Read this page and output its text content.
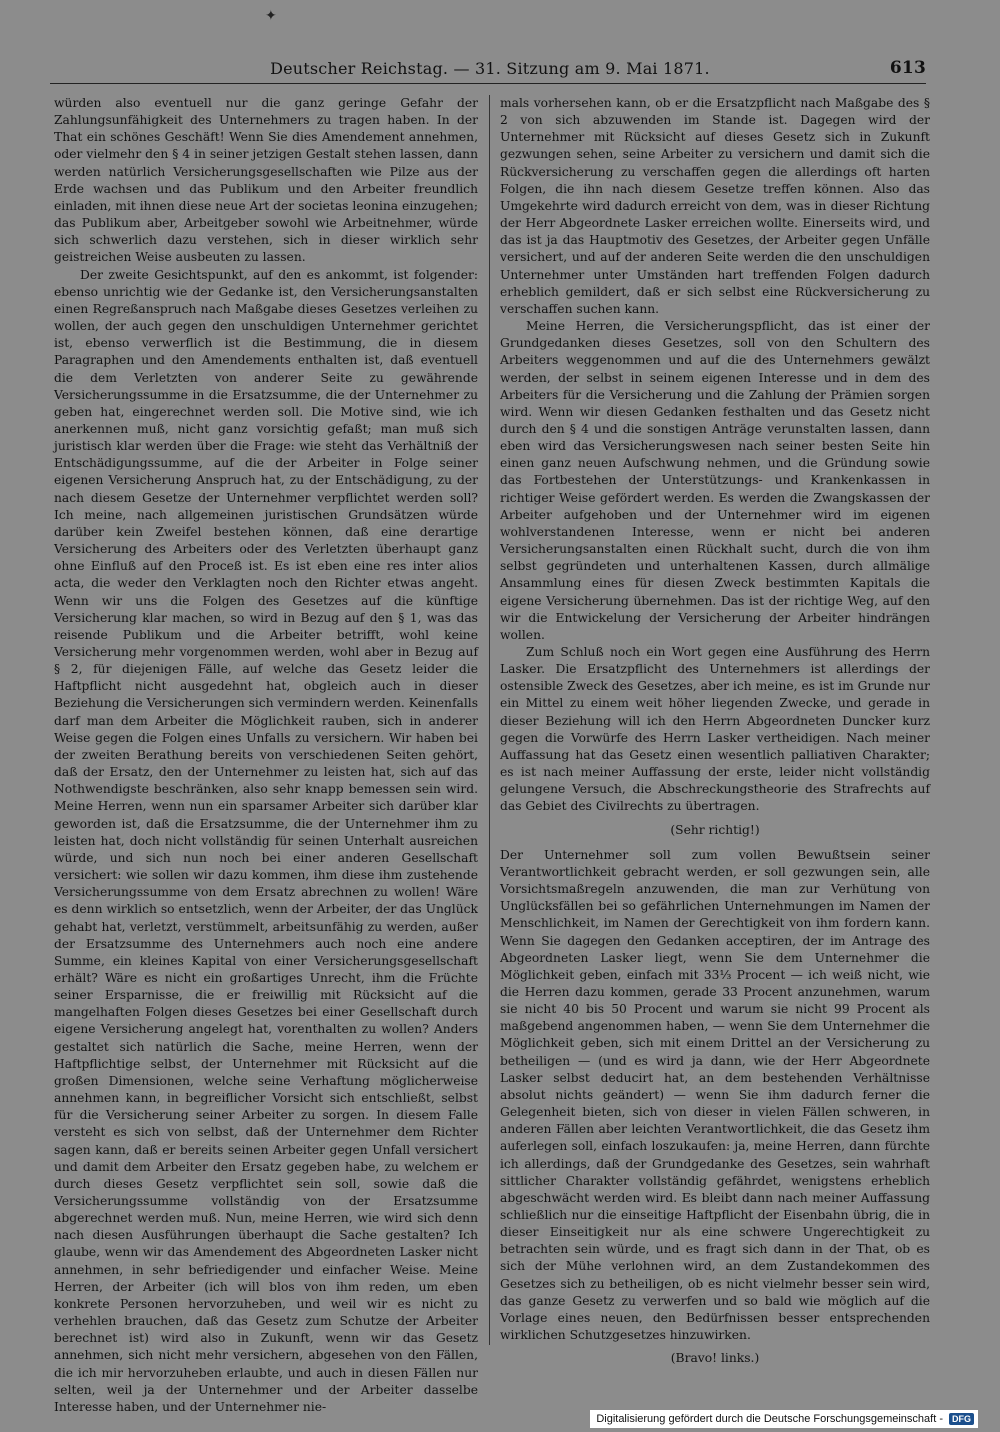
✦
Deutscher Reichstag. — 31. Sitzung am 9. Mai 1871.	613

würden also eventuell nur die ganz geringe Gefahr der Zahlungsunfähigkeit des Unternehmers zu tragen haben. In der That ein schönes Geschäft! Wenn Sie dies Amendement annehmen, oder vielmehr den § 4 in seiner jetzigen Gestalt stehen lassen, dann werden natürlich Versicherungsgesellschaften wie Pilze aus der Erde wachsen und das Publikum und den Arbeiter freundlich einladen, mit ihnen diese neue Art der societas leonina einzugehen; das Publikum aber, Arbeitgeber sowohl wie Arbeitnehmer, würde sich schwerlich dazu verstehen, sich in dieser wirklich sehr geistreichen Weise ausbeuten zu lassen.

Der zweite Gesichtspunkt, auf den es ankommt, ist folgender: ebenso unrichtig wie der Gedanke ist, den Versicherungsanstalten einen Regreßanspruch nach Maßgabe dieses Gesetzes verleihen zu wollen, der auch gegen den unschuldigen Unternehmer gerichtet ist, ebenso verwerflich ist die Bestimmung, die in diesem Paragraphen und den Amendements enthalten ist, daß eventuell die dem Verletzten von anderer Seite zu gewährende Versicherungssumme in die Ersatzsumme, die der Unternehmer zu geben hat, eingerechnet werden soll. Die Motive sind, wie ich anerkennen muß, nicht ganz vorsichtig gefaßt; man muß sich juristisch klar werden über die Frage: wie steht das Verhältniß der Entschädigungssumme, auf die der Arbeiter in Folge seiner eigenen Versicherung Anspruch hat, zu der Entschädigung, zu der nach diesem Gesetze der Unternehmer verpflichtet werden soll? Ich meine, nach allgemeinen juristischen Grundsätzen würde darüber kein Zweifel bestehen können, daß eine derartige Versicherung des Arbeiters oder des Verletzten überhaupt ganz ohne Einfluß auf den Proceß ist. Es ist eben eine res inter alios acta, die weder den Verklagten noch den Richter etwas angeht. Wenn wir uns die Folgen des Gesetzes auf die künftige Versicherung klar machen, so wird in Bezug auf den § 1, was das reisende Publikum und die Arbeiter betrifft, wohl keine Versicherung mehr vorgenommen werden, wohl aber in Bezug auf § 2, für diejenigen Fälle, auf welche das Gesetz leider die Haftpflicht nicht ausgedehnt hat, obgleich auch in dieser Beziehung die Versicherungen sich vermindern werden. Keinenfalls darf man dem Arbeiter die Möglichkeit rauben, sich in anderer Weise gegen die Folgen eines Unfalls zu versichern. Wir haben bei der zweiten Berathung bereits von verschiedenen Seiten gehört, daß der Ersatz, den der Unternehmer zu leisten hat, sich auf das Nothwendigste beschränken, also sehr knapp bemessen sein wird. Meine Herren, wenn nun ein sparsamer Arbeiter sich darüber klar geworden ist, daß die Ersatzsumme, die der Unternehmer ihm zu leisten hat, doch nicht vollständig für seinen Unterhalt ausreichen würde, und sich nun noch bei einer anderen Gesellschaft versichert: wie sollen wir dazu kommen, ihm diese ihm zustehende Versicherungssumme von dem Ersatz abrechnen zu wollen! Wäre es denn wirklich so entsetzlich, wenn der Arbeiter, der das Unglück gehabt hat, verletzt, verstümmelt, arbeitsunfähig zu werden, außer der Ersatzsumme des Unternehmers auch noch eine andere Summe, ein kleines Kapital von einer Versicherungsgesellschaft erhält? Wäre es nicht ein großartiges Unrecht, ihm die Früchte seiner Ersparnisse, die er freiwillig mit Rücksicht auf die mangelhaften Folgen dieses Gesetzes bei einer Gesellschaft durch eigene Versicherung angelegt hat, vorenthalten zu wollen? Anders gestaltet sich natürlich die Sache, meine Herren, wenn der Haftpflichtige selbst, der Unternehmer mit Rücksicht auf die großen Dimensionen, welche seine Verhaftung möglicherweise annehmen kann, in begreiflicher Vorsicht sich entschließt, selbst für die Versicherung seiner Arbeiter zu sorgen. In diesem Falle versteht es sich von selbst, daß der Unternehmer dem Richter sagen kann, daß er bereits seinen Arbeiter gegen Unfall versichert und damit dem Arbeiter den Ersatz gegeben habe, zu welchem er durch dieses Gesetz verpflichtet sein soll, sowie daß die Versicherungssumme vollständig von der Ersatzsumme abgerechnet werden muß. Nun, meine Herren, wie wird sich denn nach diesen Ausführungen überhaupt die Sache gestalten? Ich glaube, wenn wir das Amendement des Abgeordneten Lasker nicht annehmen, in sehr befriedigender und einfacher Weise. Meine Herren, der Arbeiter (ich will blos von ihm reden, um eben konkrete Personen hervorzuheben, und weil wir es nicht zu verhehlen brauchen, daß das Gesetz zum Schutze der Arbeiter berechnet ist) wird also in Zukunft, wenn wir das Gesetz annehmen, sich nicht mehr versichern, abgesehen von den Fällen, die ich mir hervorzuheben erlaubte, und auch in diesen Fällen nur selten, weil ja der Unternehmer und der Arbeiter dasselbe Interesse haben, und der Unternehmer nie-

mals vorhersehen kann, ob er die Ersatzpflicht nach Maßgabe des § 2 von sich abzuwenden im Stande ist. Dagegen wird der Unternehmer mit Rücksicht auf dieses Gesetz sich in Zukunft gezwungen sehen, seine Arbeiter zu versichern und damit sich die Rückversicherung zu verschaffen gegen die allerdings oft harten Folgen, die ihn nach diesem Gesetze treffen können. Also das Umgekehrte wird dadurch erreicht von dem, was in dieser Richtung der Herr Abgeordnete Lasker erreichen wollte. Einerseits wird, und das ist ja das Hauptmotiv des Gesetzes, der Arbeiter gegen Unfälle versichert, und auf der anderen Seite werden die den unschuldigen Unternehmer unter Umständen hart treffenden Folgen dadurch erheblich gemildert, daß er sich selbst eine Rückversicherung zu verschaffen suchen kann.

Meine Herren, die Versicherungspflicht, das ist einer der Grundgedanken dieses Gesetzes, soll von den Schultern des Arbeiters weggenommen und auf die des Unternehmers gewälzt werden, der selbst in seinem eigenen Interesse und in dem des Arbeiters für die Versicherung und die Zahlung der Prämien sorgen wird. Wenn wir diesen Gedanken festhalten und das Gesetz nicht durch den § 4 und die sonstigen Anträge verunstalten lassen, dann eben wird das Versicherungswesen nach seiner besten Seite hin einen ganz neuen Aufschwung nehmen, und die Gründung sowie das Fortbestehen der Unterstützungs- und Krankenkassen in richtiger Weise gefördert werden. Es werden die Zwangskassen der Arbeiter aufgehoben und der Unternehmer wird im eigenen wohlverstandenen Interesse, wenn er nicht bei anderen Versicherungsanstalten einen Rückhalt sucht, durch die von ihm selbst gegründeten und unterhaltenen Kassen, durch allmälige Ansammlung eines für diesen Zweck bestimmten Kapitals die eigene Versicherung übernehmen. Das ist der richtige Weg, auf den wir die Entwickelung der Versicherung der Arbeiter hindrängen wollen.

Zum Schluß noch ein Wort gegen eine Ausführung des Herrn Lasker. Die Ersatzpflicht des Unternehmers ist allerdings der ostensible Zweck des Gesetzes, aber ich meine, es ist im Grunde nur ein Mittel zu einem weit höher liegenden Zwecke, und gerade in dieser Beziehung will ich den Herrn Abgeordneten Duncker kurz gegen die Vorwürfe des Herrn Lasker vertheidigen. Nach meiner Auffassung hat das Gesetz einen wesentlich palliativen Charakter; es ist nach meiner Auffassung der erste, leider nicht vollständig gelungene Versuch, die Abschreckungstheorie des Strafrechts auf das Gebiet des Civilrechts zu übertragen.

(Sehr richtig!)

Der Unternehmer soll zum vollen Bewußtsein seiner Verantwortlichkeit gebracht werden, er soll gezwungen sein, alle Vorsichtsmaßregeln anzuwenden, die man zur Verhütung von Unglücksfällen bei so gefährlichen Unternehmungen im Namen der Menschlichkeit, im Namen der Gerechtigkeit von ihm fordern kann. Wenn Sie dagegen den Gedanken acceptiren, der im Antrage des Abgeordneten Lasker liegt, wenn Sie dem Unternehmer die Möglichkeit geben, einfach mit 33⅓ Procent — ich weiß nicht, wie die Herren dazu kommen, gerade 33 Procent anzunehmen, warum sie nicht 40 bis 50 Procent und warum sie nicht 99 Procent als maßgebend angenommen haben, — wenn Sie dem Unternehmer die Möglichkeit geben, sich mit einem Drittel an der Versicherung zu betheiligen — (und es wird ja dann, wie der Herr Abgeordnete Lasker selbst deducirt hat, an dem bestehenden Verhältnisse absolut nichts geändert) — wenn Sie ihm dadurch ferner die Gelegenheit bieten, sich von dieser in vielen Fällen schweren, in anderen Fällen aber leichten Verantwortlichkeit, die das Gesetz ihm auferlegen soll, einfach loszukaufen: ja, meine Herren, dann fürchte ich allerdings, daß der Grundgedanke des Gesetzes, sein wahrhaft sittlicher Charakter vollständig gefährdet, wenigstens erheblich abgeschwächt werden wird. Es bleibt dann nach meiner Auffassung schließlich nur die einseitige Haftpflicht der Eisenbahn übrig, die in dieser Einseitigkeit nur als eine schwere Ungerechtigkeit zu betrachten sein würde, und es fragt sich dann in der That, ob es sich der Mühe verlohnen wird, an dem Zustandekommen des Gesetzes sich zu betheiligen, ob es nicht vielmehr besser sein wird, das ganze Gesetz zu verwerfen und so bald wie möglich auf die Vorlage eines neuen, den Bedürfnissen besser entsprechenden wirklichen Schutzgesetzes hinzuwirken.

(Bravo! links.)

Digitalisierung gefördert durch die Deutsche Forschungsgemeinschaft -	DFG
